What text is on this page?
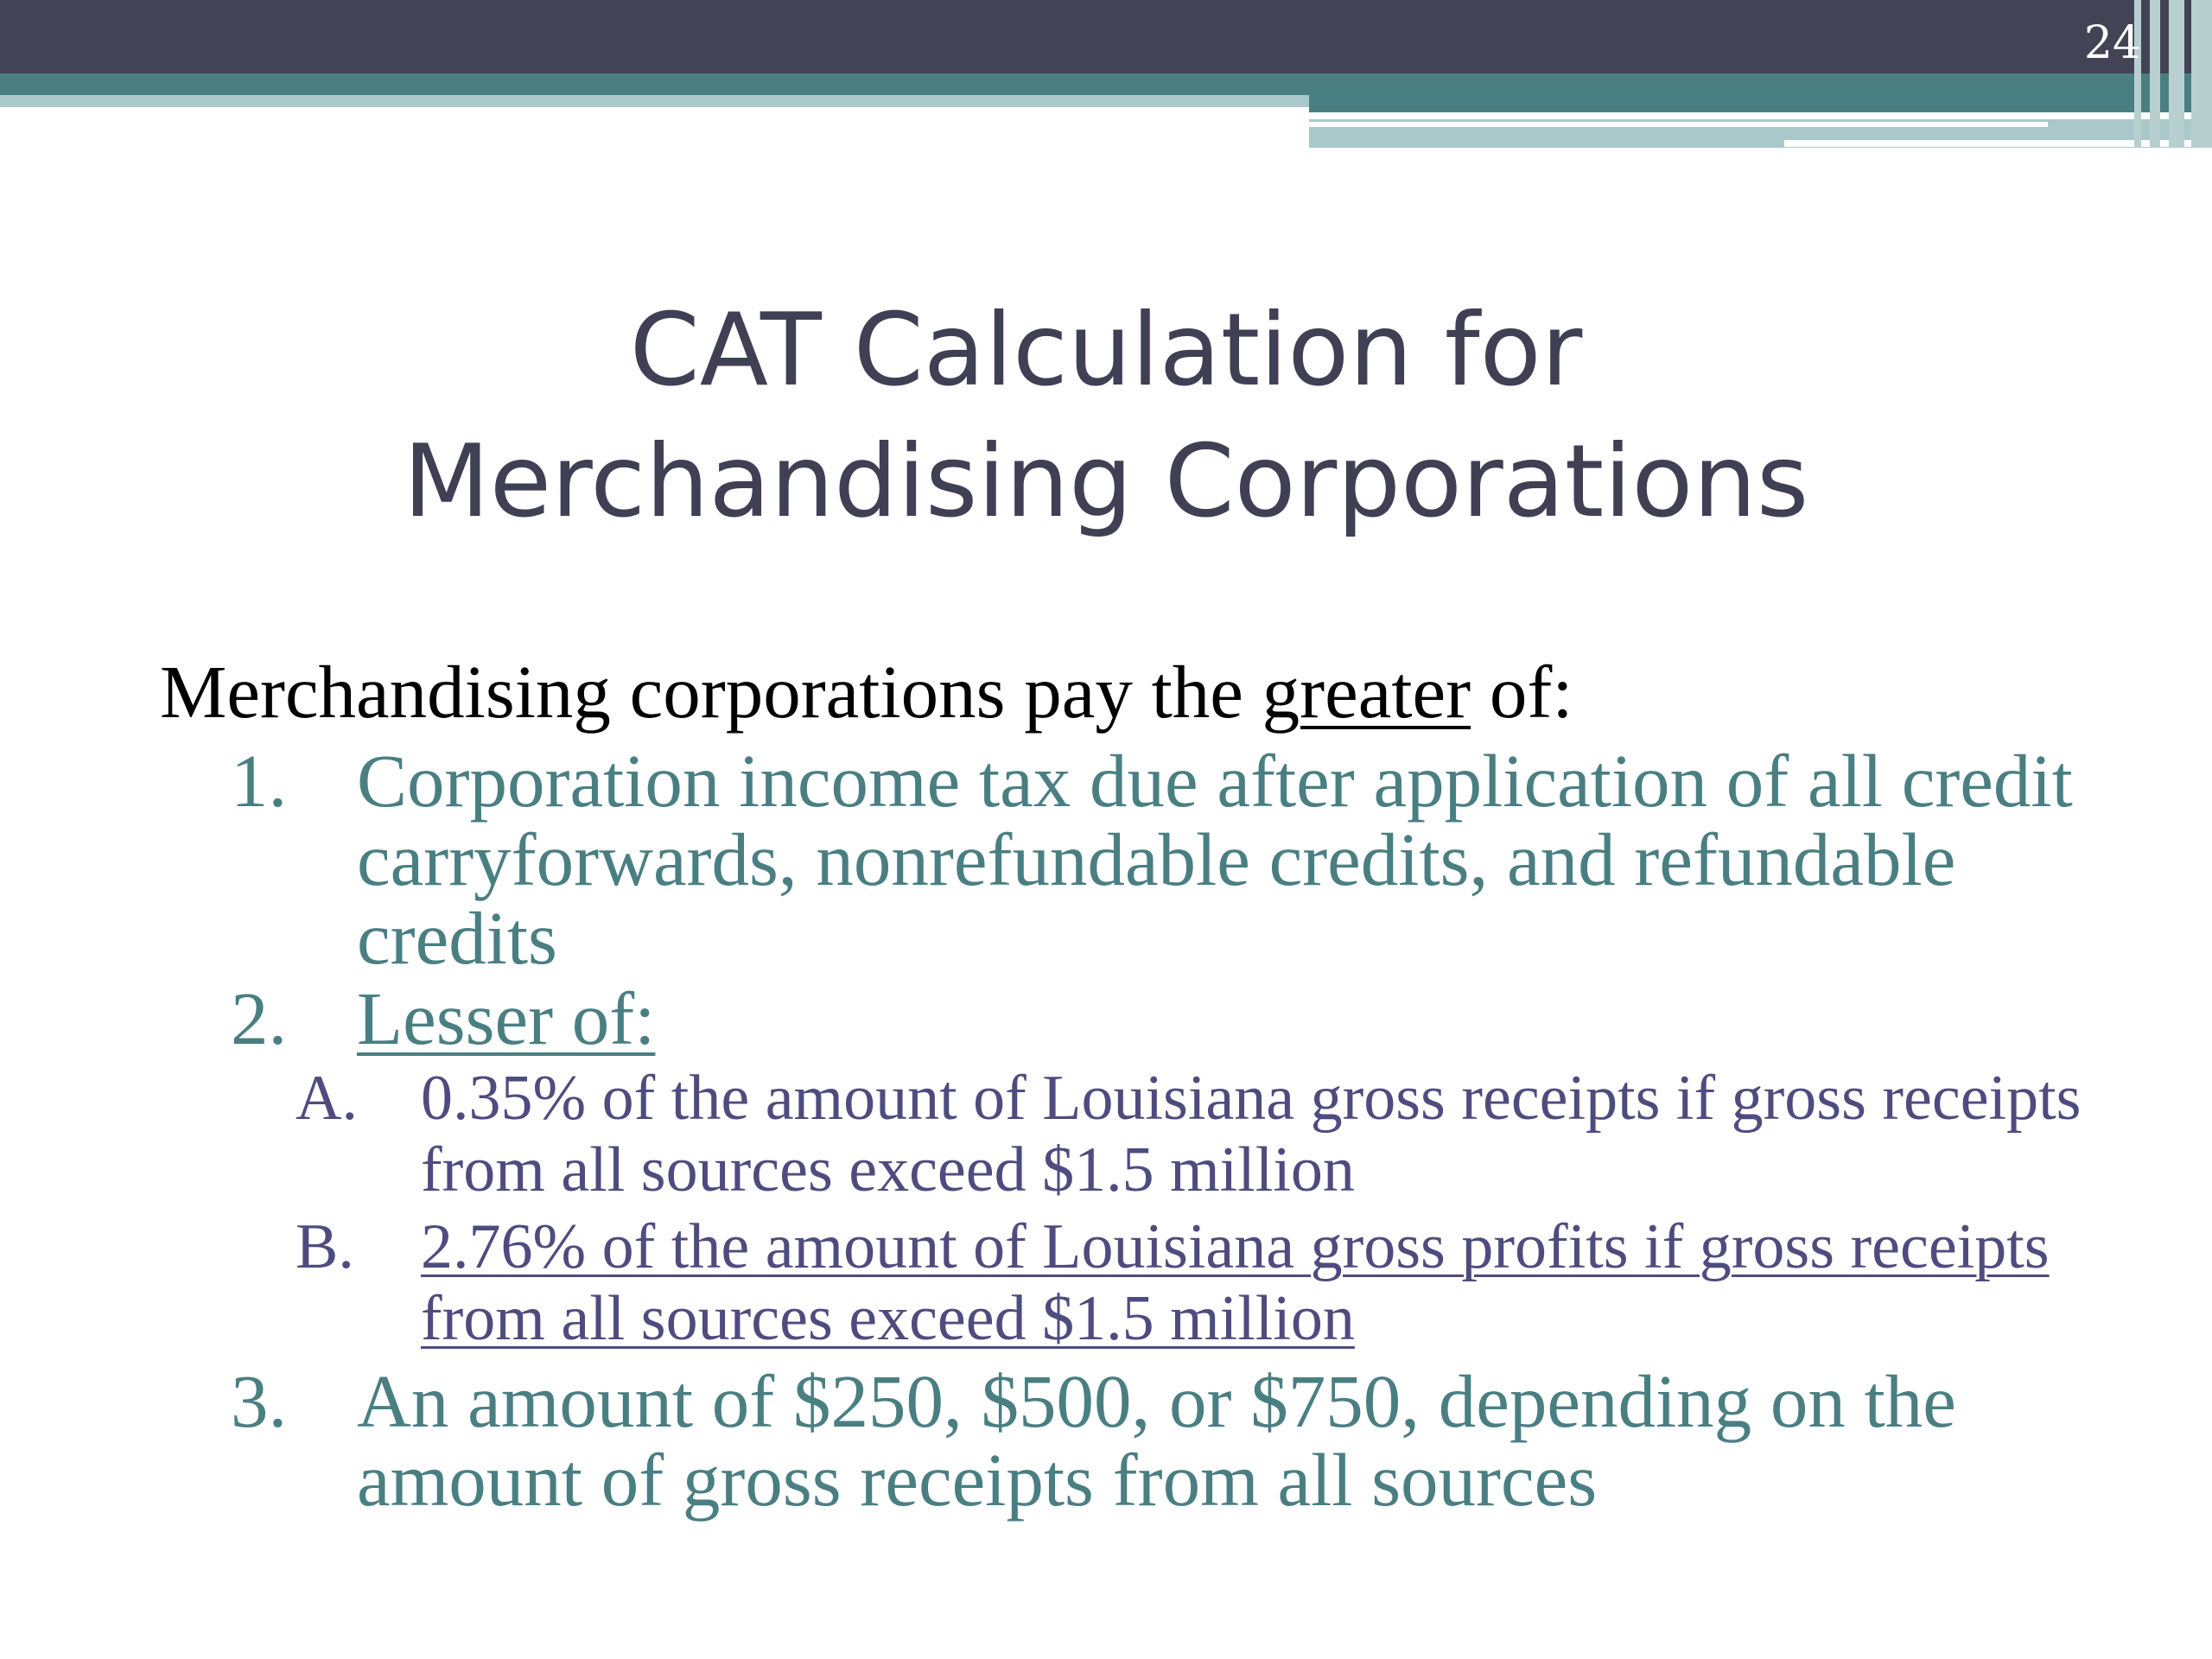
24
CAT Calculation for
Merchandising Corporations

Merchandising corporations pay the greater of:

1. Corporation income tax due after application of all credit carryforwards, nonrefundable credits, and refundable credits
2. Lesser of:
A. 0.35% of the amount of Louisiana gross receipts if gross receipts from all sources exceed $1.5 million
B. 2.76% of the amount of Louisiana gross profits if gross receipts from all sources exceed $1.5 million
3. An amount of $250, $500, or $750, depending on the amount of gross receipts from all sources
